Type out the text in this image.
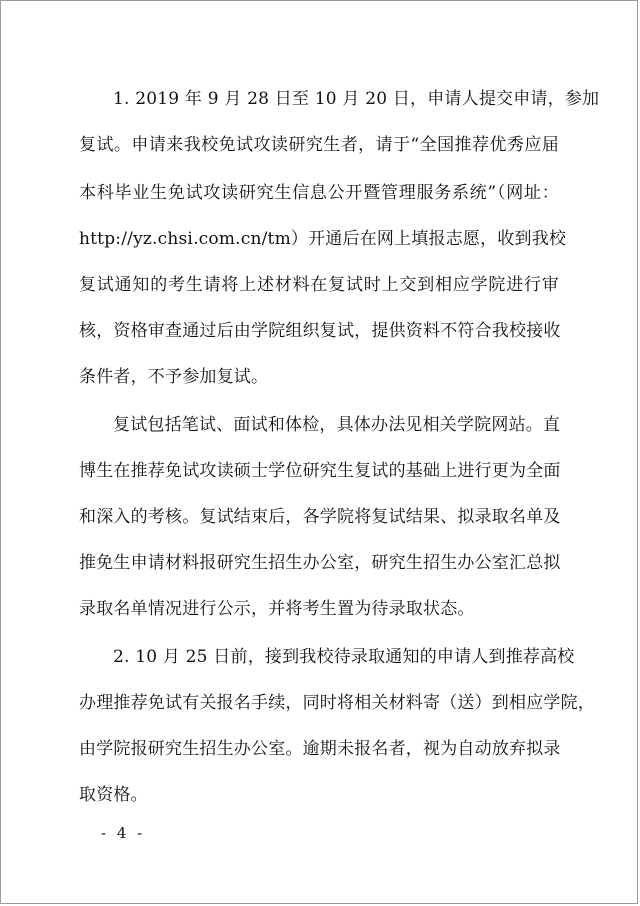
1. 2019 年 9 月 28 日至 10 月 20 日，申请人提交申请，参加
复试。申请来我校免试攻读研究生者，请于“全国推荐优秀应届
本科毕业生免试攻读研究生信息公开暨管理服务系统”（网址：
http://yz.chsi.com.cn/tm）开通后在网上填报志愿，收到我校
复试通知的考生请将上述材料在复试时上交到相应学院进行审
核，资格审查通过后由学院组织复试，提供资料不符合我校接收
条件者，不予参加复试。
复试包括笔试、面试和体检，具体办法见相关学院网站。直
博生在推荐免试攻读硕士学位研究生复试的基础上进行更为全面
和深入的考核。复试结束后，各学院将复试结果、拟录取名单及
推免生申请材料报研究生招生办公室，研究生招生办公室汇总拟
录取名单情况进行公示，并将考生置为待录取状态。
2. 10 月 25 日前，接到我校待录取通知的申请人到推荐高校
办理推荐免试有关报名手续，同时将相关材料寄（送）到相应学院，
由学院报研究生招生办公室。逾期未报名者，视为自动放弃拟录
取资格。
- 4 -
